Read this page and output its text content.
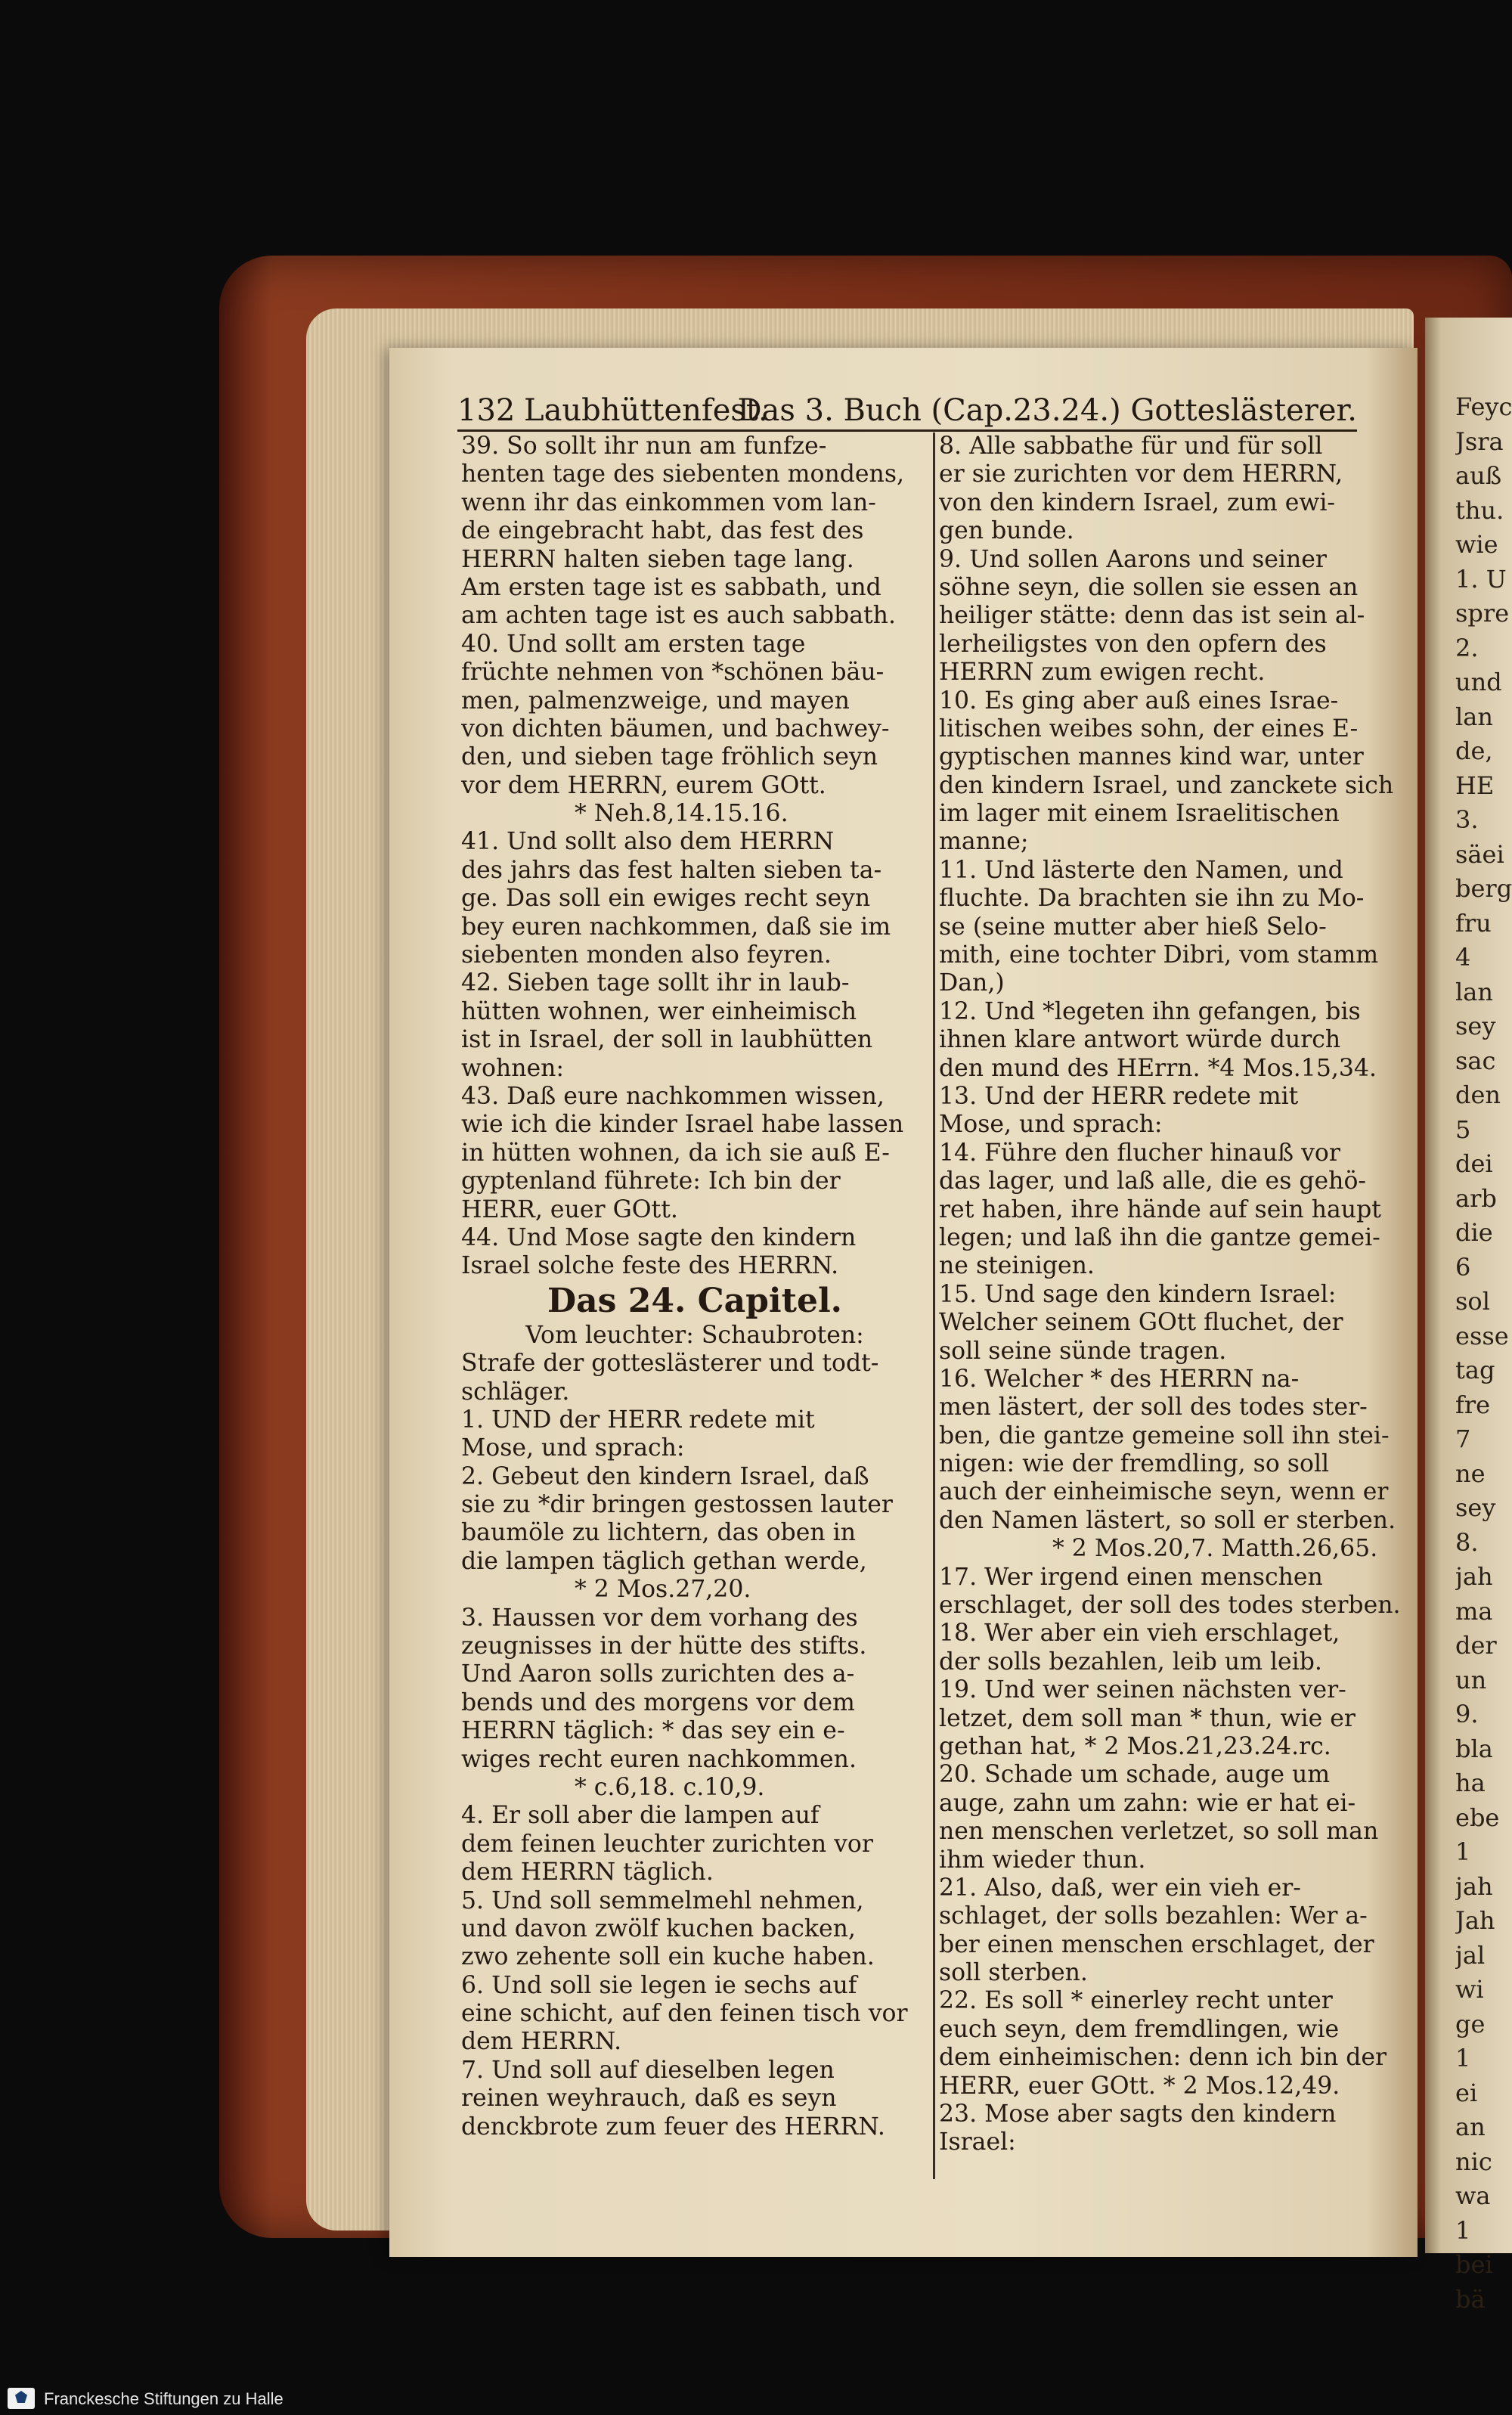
Feyc
Jsra
auß
thu.
wie
1. U
spre
2.
und
lan
de,
HE
3.
säei
berg
fru
4
lan
sey
sac
den
5
dei
arb
die
6
sol
esse
tag
fre
7
ne
sey
8.
jah
ma
der
un
9.
bla
ha
ebe
1
jah
Jah
jal
wi
ge
1
ei
an
nic
wa
1
bei
bä
132 Laubhüttenfest.
Das 3. Buch (Cap.23.24.) Gotteslästerer.
39. So sollt ihr nun am funfze-
henten tage des siebenten mondens,
wenn ihr das einkommen vom lan-
de eingebracht habt, das fest des
HERRN halten sieben tage lang.
Am ersten tage ist es sabbath, und
am achten tage ist es auch sabbath.
40. Und sollt am ersten tage
früchte nehmen von *schönen bäu-
men, palmenzweige, und mayen
von dichten bäumen, und bachwey-
den, und sieben tage fröhlich seyn
vor dem HERRN, eurem GOtt.
* Neh.8,14.15.16.
41. Und sollt also dem HERRN
des jahrs das fest halten sieben ta-
ge. Das soll ein ewiges recht seyn
bey euren nachkommen, daß sie im
siebenten monden also feyren.
42. Sieben tage sollt ihr in laub-
hütten wohnen, wer einheimisch
ist in Israel, der soll in laubhütten
wohnen:
43. Daß eure nachkommen wissen,
wie ich die kinder Israel habe lassen
in hütten wohnen, da ich sie auß E-
gyptenland führete: Ich bin der
HERR, euer GOtt.
44. Und Mose sagte den kindern
Israel solche feste des HERRN.
Das 24. Capitel.
Vom leuchter: Schaubroten:
Strafe der gotteslästerer und todt-
schläger.
1. UND der HERR redete mit
Mose, und sprach:
2. Gebeut den kindern Israel, daß
sie zu *dir bringen gestossen lauter
baumöle zu lichtern, das oben in
die lampen täglich gethan werde,
* 2 Mos.27,20.
3. Haussen vor dem vorhang des
zeugnisses in der hütte des stifts.
Und Aaron solls zurichten des a-
bends und des morgens vor dem
HERRN täglich: * das sey ein e-
wiges recht euren nachkommen.
* c.6,18. c.10,9.
4. Er soll aber die lampen auf
dem feinen leuchter zurichten vor
dem HERRN täglich.
5. Und soll semmelmehl nehmen,
und davon zwölf kuchen backen,
zwo zehente soll ein kuche haben.
6. Und soll sie legen ie sechs auf
eine schicht, auf den feinen tisch vor
dem HERRN.
7. Und soll auf dieselben legen
reinen weyhrauch, daß es seyn
denckbrote zum feuer des HERRN.
8. Alle sabbathe für und für soll
er sie zurichten vor dem HERRN,
von den kindern Israel, zum ewi-
gen bunde.
9. Und sollen Aarons und seiner
söhne seyn, die sollen sie essen an
heiliger stätte: denn das ist sein al-
lerheiligstes von den opfern des
HERRN zum ewigen recht.
10. Es ging aber auß eines Israe-
litischen weibes sohn, der eines E-
gyptischen mannes kind war, unter
den kindern Israel, und zanckete sich
im lager mit einem Israelitischen
manne;
11. Und lästerte den Namen, und
fluchte. Da brachten sie ihn zu Mo-
se (seine mutter aber hieß Selo-
mith, eine tochter Dibri, vom stamm
Dan,)
12. Und *legeten ihn gefangen, bis
ihnen klare antwort würde durch
den mund des HErrn. *4 Mos.15,34.
13. Und der HERR redete mit
Mose, und sprach:
14. Führe den flucher hinauß vor
das lager, und laß alle, die es gehö-
ret haben, ihre hände auf sein haupt
legen; und laß ihn die gantze gemei-
ne steinigen.
15. Und sage den kindern Israel:
Welcher seinem GOtt fluchet, der
soll seine sünde tragen.
16. Welcher * des HERRN na-
men lästert, der soll des todes ster-
ben, die gantze gemeine soll ihn stei-
nigen: wie der fremdling, so soll
auch der einheimische seyn, wenn er
den Namen lästert, so soll er sterben.
* 2 Mos.20,7. Matth.26,65.
17. Wer irgend einen menschen
erschlaget, der soll des todes sterben.
18. Wer aber ein vieh erschlaget,
der solls bezahlen, leib um leib.
19. Und wer seinen nächsten ver-
letzet, dem soll man * thun, wie er
gethan hat, * 2 Mos.21,23.24.rc.
20. Schade um schade, auge um
auge, zahn um zahn: wie er hat ei-
nen menschen verletzet, so soll man
ihm wieder thun.
21. Also, daß, wer ein vieh er-
schlaget, der solls bezahlen: Wer a-
ber einen menschen erschlaget, der
soll sterben.
22. Es soll * einerley recht unter
euch seyn, dem fremdlingen, wie
dem einheimischen: denn ich bin der
HERR, euer GOtt. * 2 Mos.12,49.
23. Mose aber sagts den kindern
Israel:
Franckesche Stiftungen zu Halle
